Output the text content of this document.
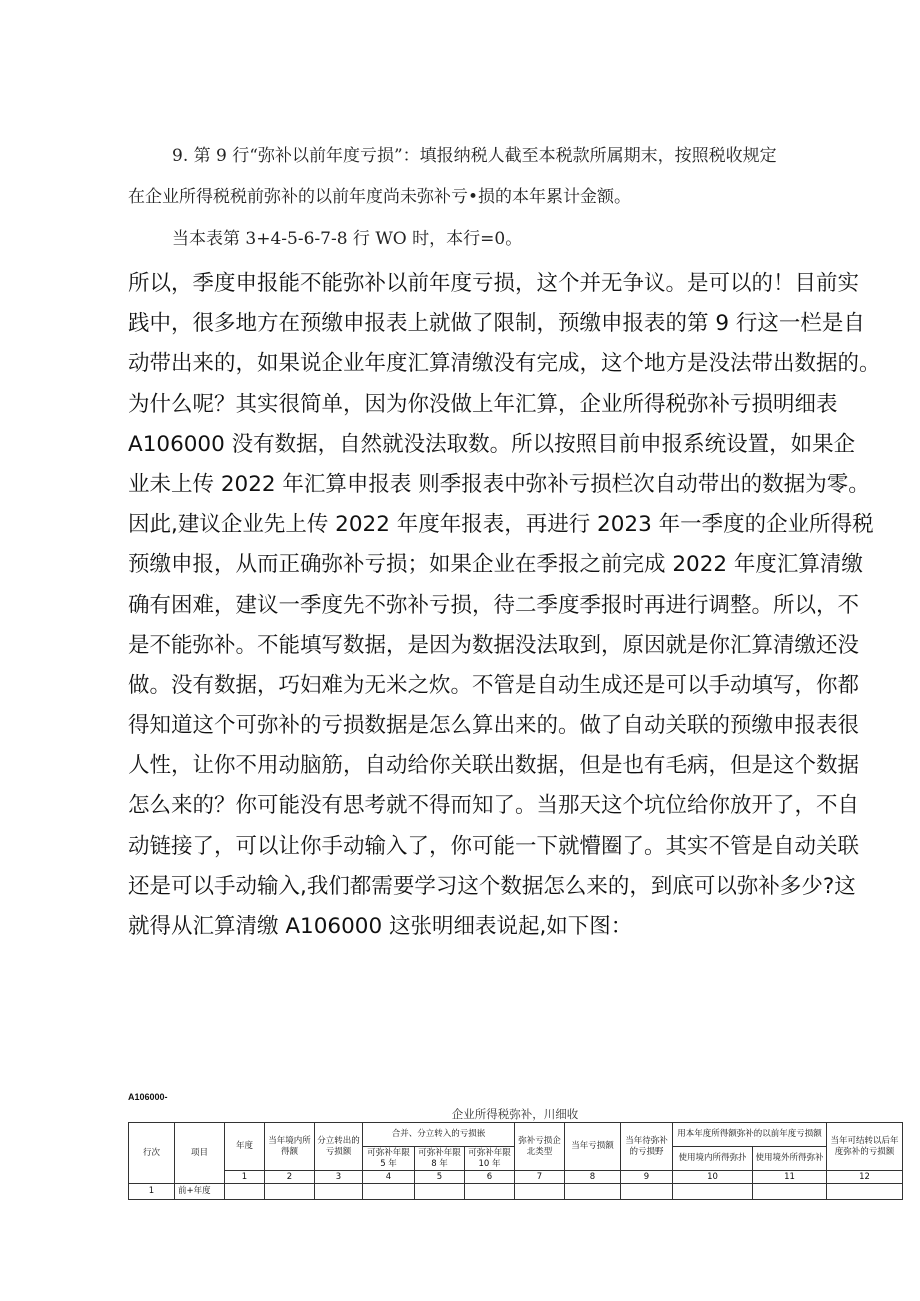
9. 第 9 行“弥补以前年度亏损”：填报纳税人截至本税款所属期末，按照税收规定
在企业所得税税前弥补的以前年度尚未弥补亏•损的本年累计金额。
当本表第 3+4-5-6-7-8 行 WO 时，本行=0。
所以，季度申报能不能弥补以前年度亏损，这个并无争议。是可以的！目前实
践中，很多地方在预缴申报表上就做了限制，预缴申报表的第 9 行这一栏是自
动带出来的，如果说企业年度汇算清缴没有完成，这个地方是没法带出数据的。
为什么呢？其实很简单，因为你没做上年汇算，企业所得税弥补亏损明细表
A106000 没有数据，自然就没法取数。所以按照目前申报系统设置，如果企
业未上传 2022 年汇算申报表 则季报表中弥补亏损栏次自动带出的数据为零。
因此,建议企业先上传 2022 年度年报表，再进行 2023 年一季度的企业所得税
预缴申报，从而正确弥补亏损；如果企业在季报之前完成 2022 年度汇算清缴
确有困难，建议一季度先不弥补亏损，待二季度季报时再进行调整。所以，不
是不能弥补。不能填写数据，是因为数据没法取到，原因就是你汇算清缴还没
做。没有数据，巧妇难为无米之炊。不管是自动生成还是可以手动填写，你都
得知道这个可弥补的亏损数据是怎么算出来的。做了自动关联的预缴申报表很
人性，让你不用动脑筋，自动给你关联出数据，但是也有毛病，但是这个数据
怎么来的？你可能没有思考就不得而知了。当那天这个坑位给你放开了，不自
动链接了，可以让你手动输入了，你可能一下就懵圈了。其实不管是自动关联
还是可以手动输入,我们都需要学习这个数据怎么来的，到底可以弥补多少?这
就得从汇算清缴 A106000 这张明细表说起,如下图：
A106000-
企业所得税弥补，川细收
行次	项目	年度	当年境内所得额	分立转出的亏损额	合并、分立转入的亏损嵌			弥补亏损企北类型	当年亏损额	当年待弥补的亏损野	用本年度所得额弥补的以前年度亏损额		当年可结转以后年度弥补的亏损额
					可弥补年限 5 年	可弥补年限 8 年	可弥补年限 10 年				使用境内所得弥扑	使用境外所得弥补	
		1	2	3	4	5	6	7	8	9	10	11	12
1	前+年度												
